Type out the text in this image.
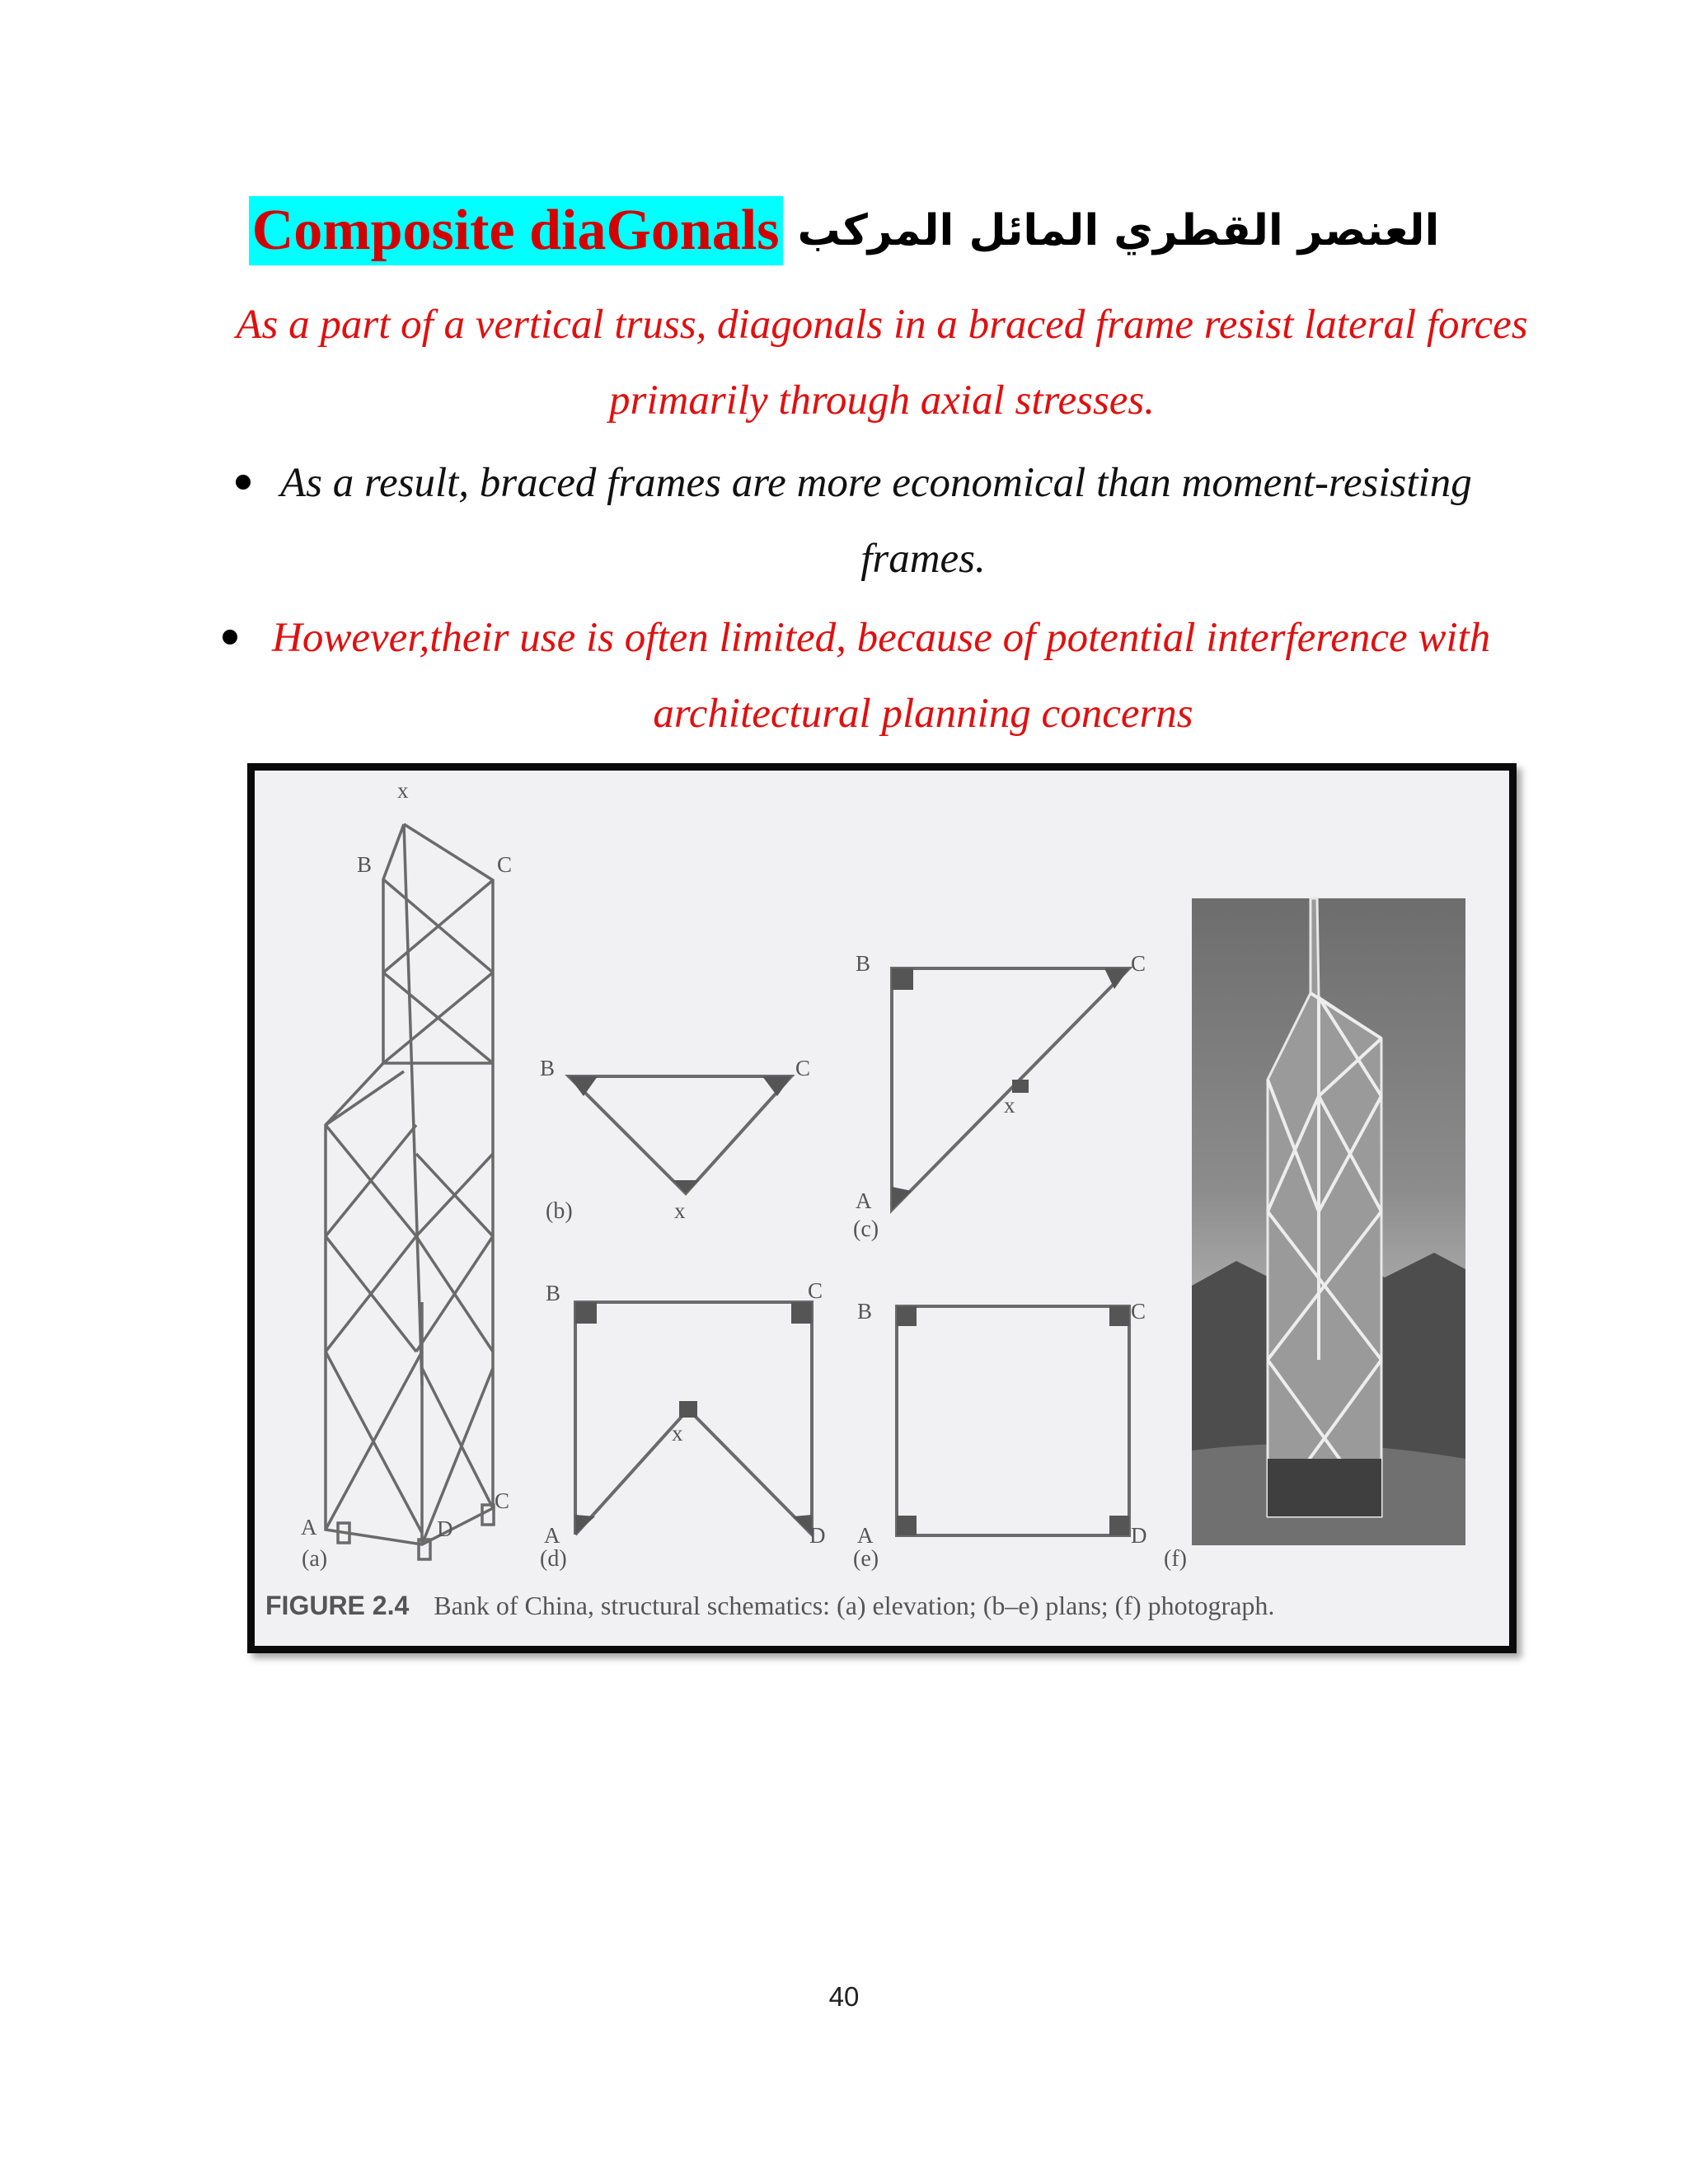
Composite diaGonals العنصر القطري المائل المركب
As a part of a vertical truss, diagonals in a braced frame resist lateral forces
primarily through axial stresses.
As a result, braced frames are more economical than moment-resisting
frames.
However,their use is often limited, because of potential interference with
architectural planning concerns
x
B	C
A	D
C
B	C
x
B	C
x
A
B	C
x
A	D
B	C
A	D
(a)
(b)
(c)
(d)	(e)	(f)
FIGURE 2.4 Bank of China, structural schematics: (a) elevation; (b–e) plans; (f) photograph.
40
